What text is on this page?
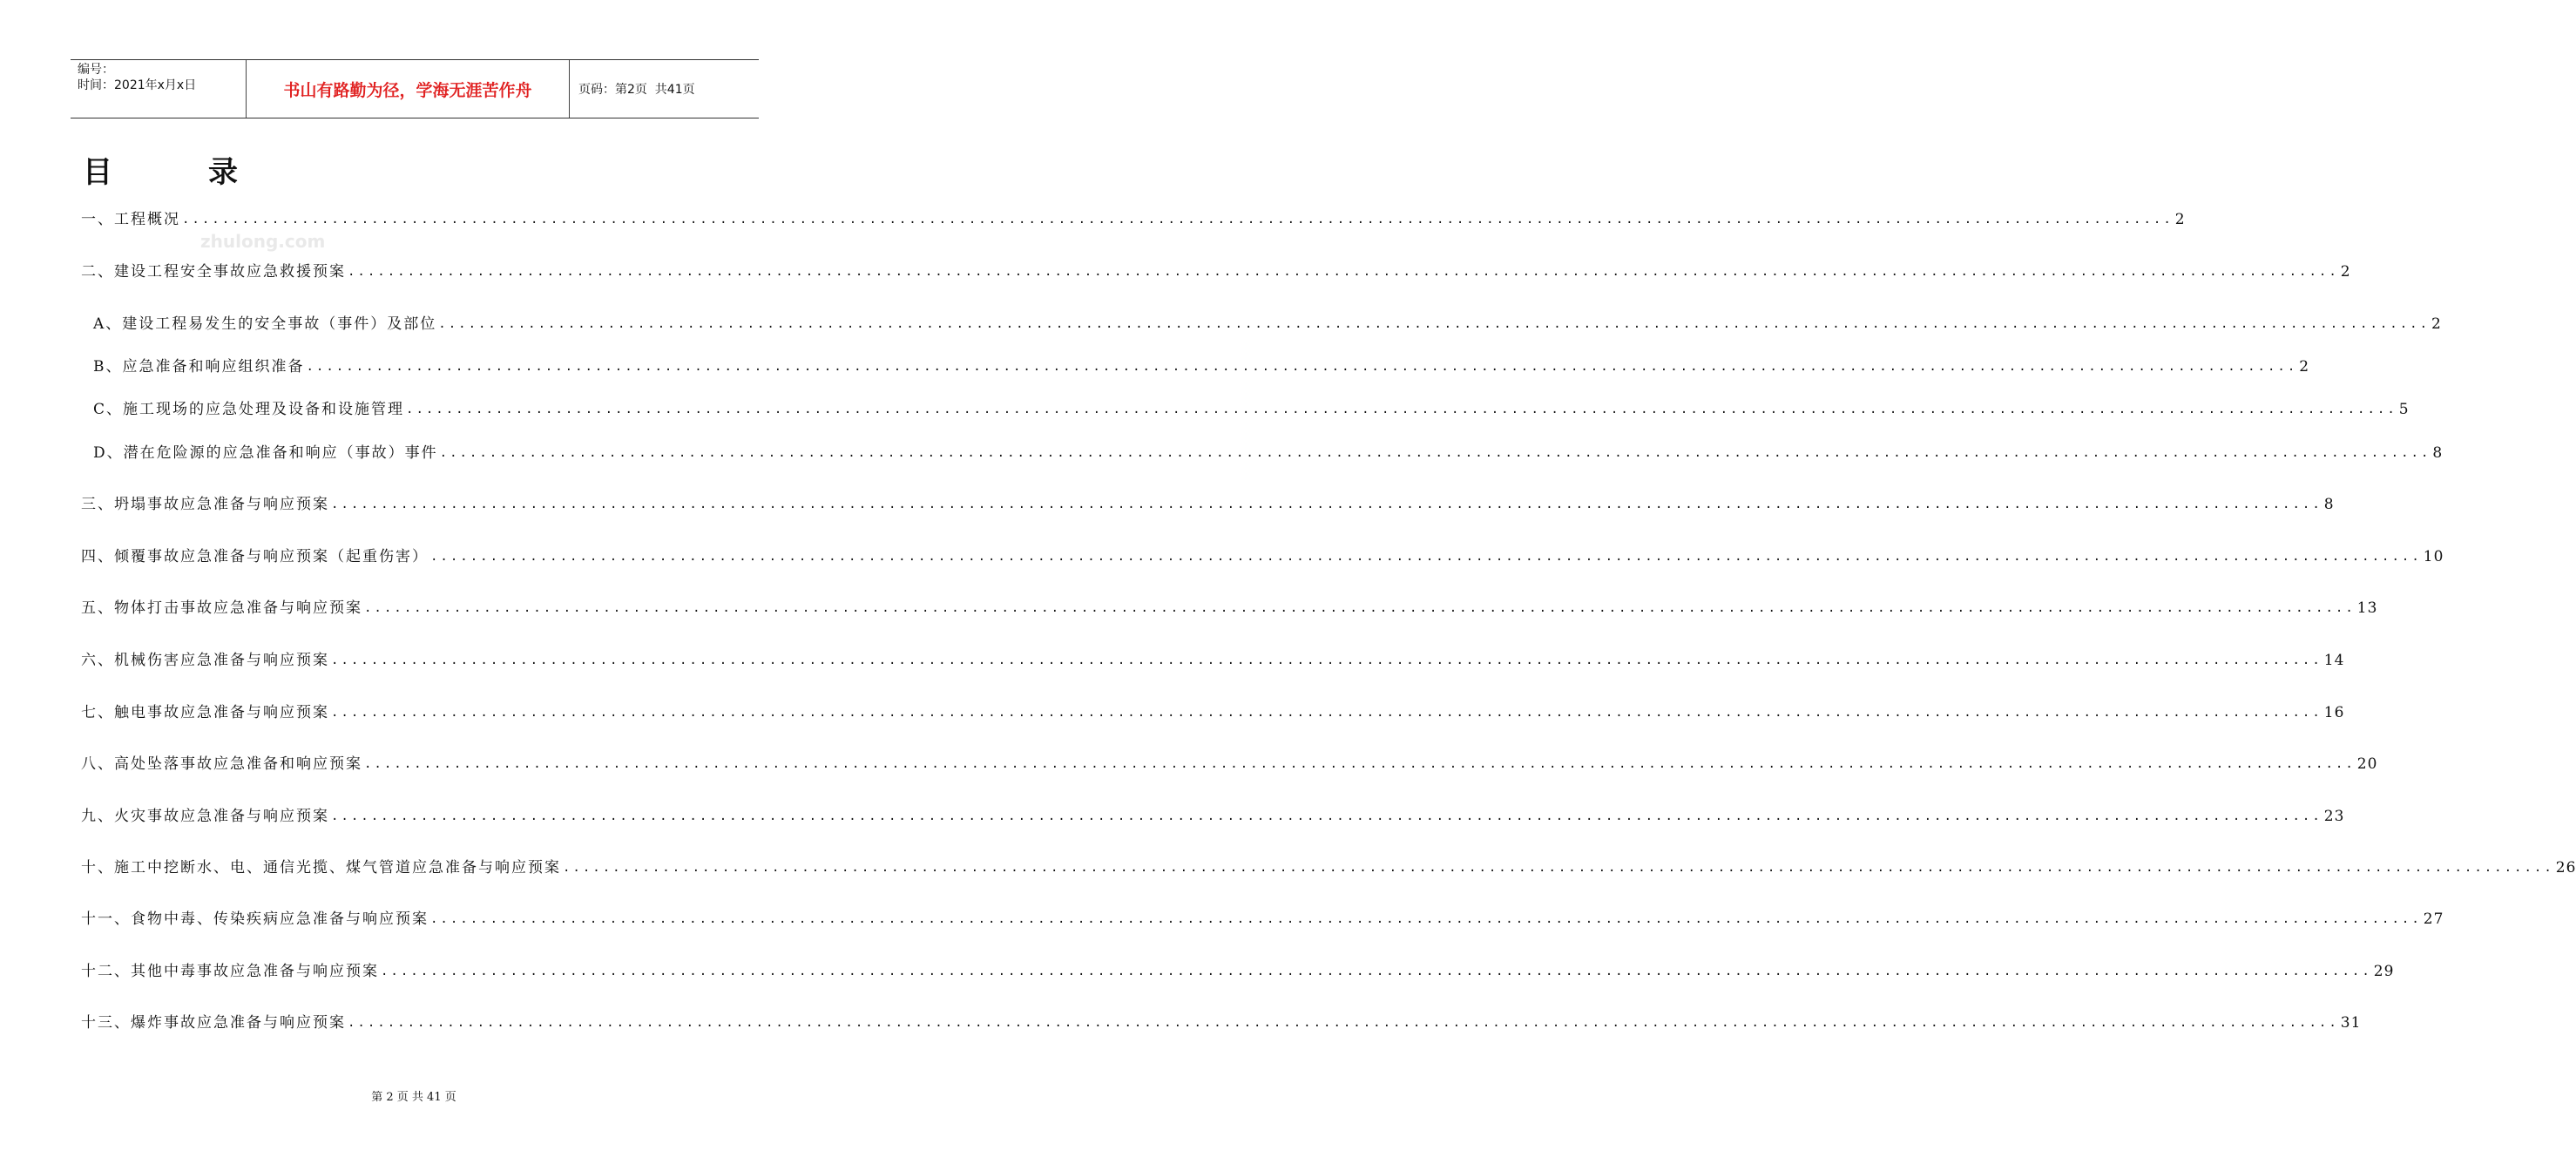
编号：
时间：2021年x月x日	书山有路勤为径，学海无涯苦作舟	页码：第2页  共41页
目	录
zhulong.com
一、工程概况 ........................................................................................................................................................................................................ 2
二、建设工程安全事故应急救援预案 ........................................................................................................................................................................................................ 2
A、建设工程易发生的安全事故（事件）及部位 ........................................................................................................................................................................................................ 2
B、应急准备和响应组织准备 ........................................................................................................................................................................................................ 2
C、施工现场的应急处理及设备和设施管理 ........................................................................................................................................................................................................ 5
D、潜在危险源的应急准备和响应（事故）事件 ........................................................................................................................................................................................................ 8
三、坍塌事故应急准备与响应预案 ........................................................................................................................................................................................................ 8
四、倾覆事故应急准备与响应预案（起重伤害） ........................................................................................................................................................................................................ 10
五、物体打击事故应急准备与响应预案 ........................................................................................................................................................................................................ 13
六、机械伤害应急准备与响应预案 ........................................................................................................................................................................................................ 14
七、触电事故应急准备与响应预案 ........................................................................................................................................................................................................ 16
八、高处坠落事故应急准备和响应预案 ........................................................................................................................................................................................................ 20
九、火灾事故应急准备与响应预案 ........................................................................................................................................................................................................ 23
十、施工中挖断水、电、通信光揽、煤气管道应急准备与响应预案 ........................................................................................................................................................................................................ 26
十一、食物中毒、传染疾病应急准备与响应预案 ........................................................................................................................................................................................................ 27
十二、其他中毒事故应急准备与响应预案 ........................................................................................................................................................................................................ 29
十三、爆炸事故应急准备与响应预案 ........................................................................................................................................................................................................ 31
第 2 页 共 41 页
